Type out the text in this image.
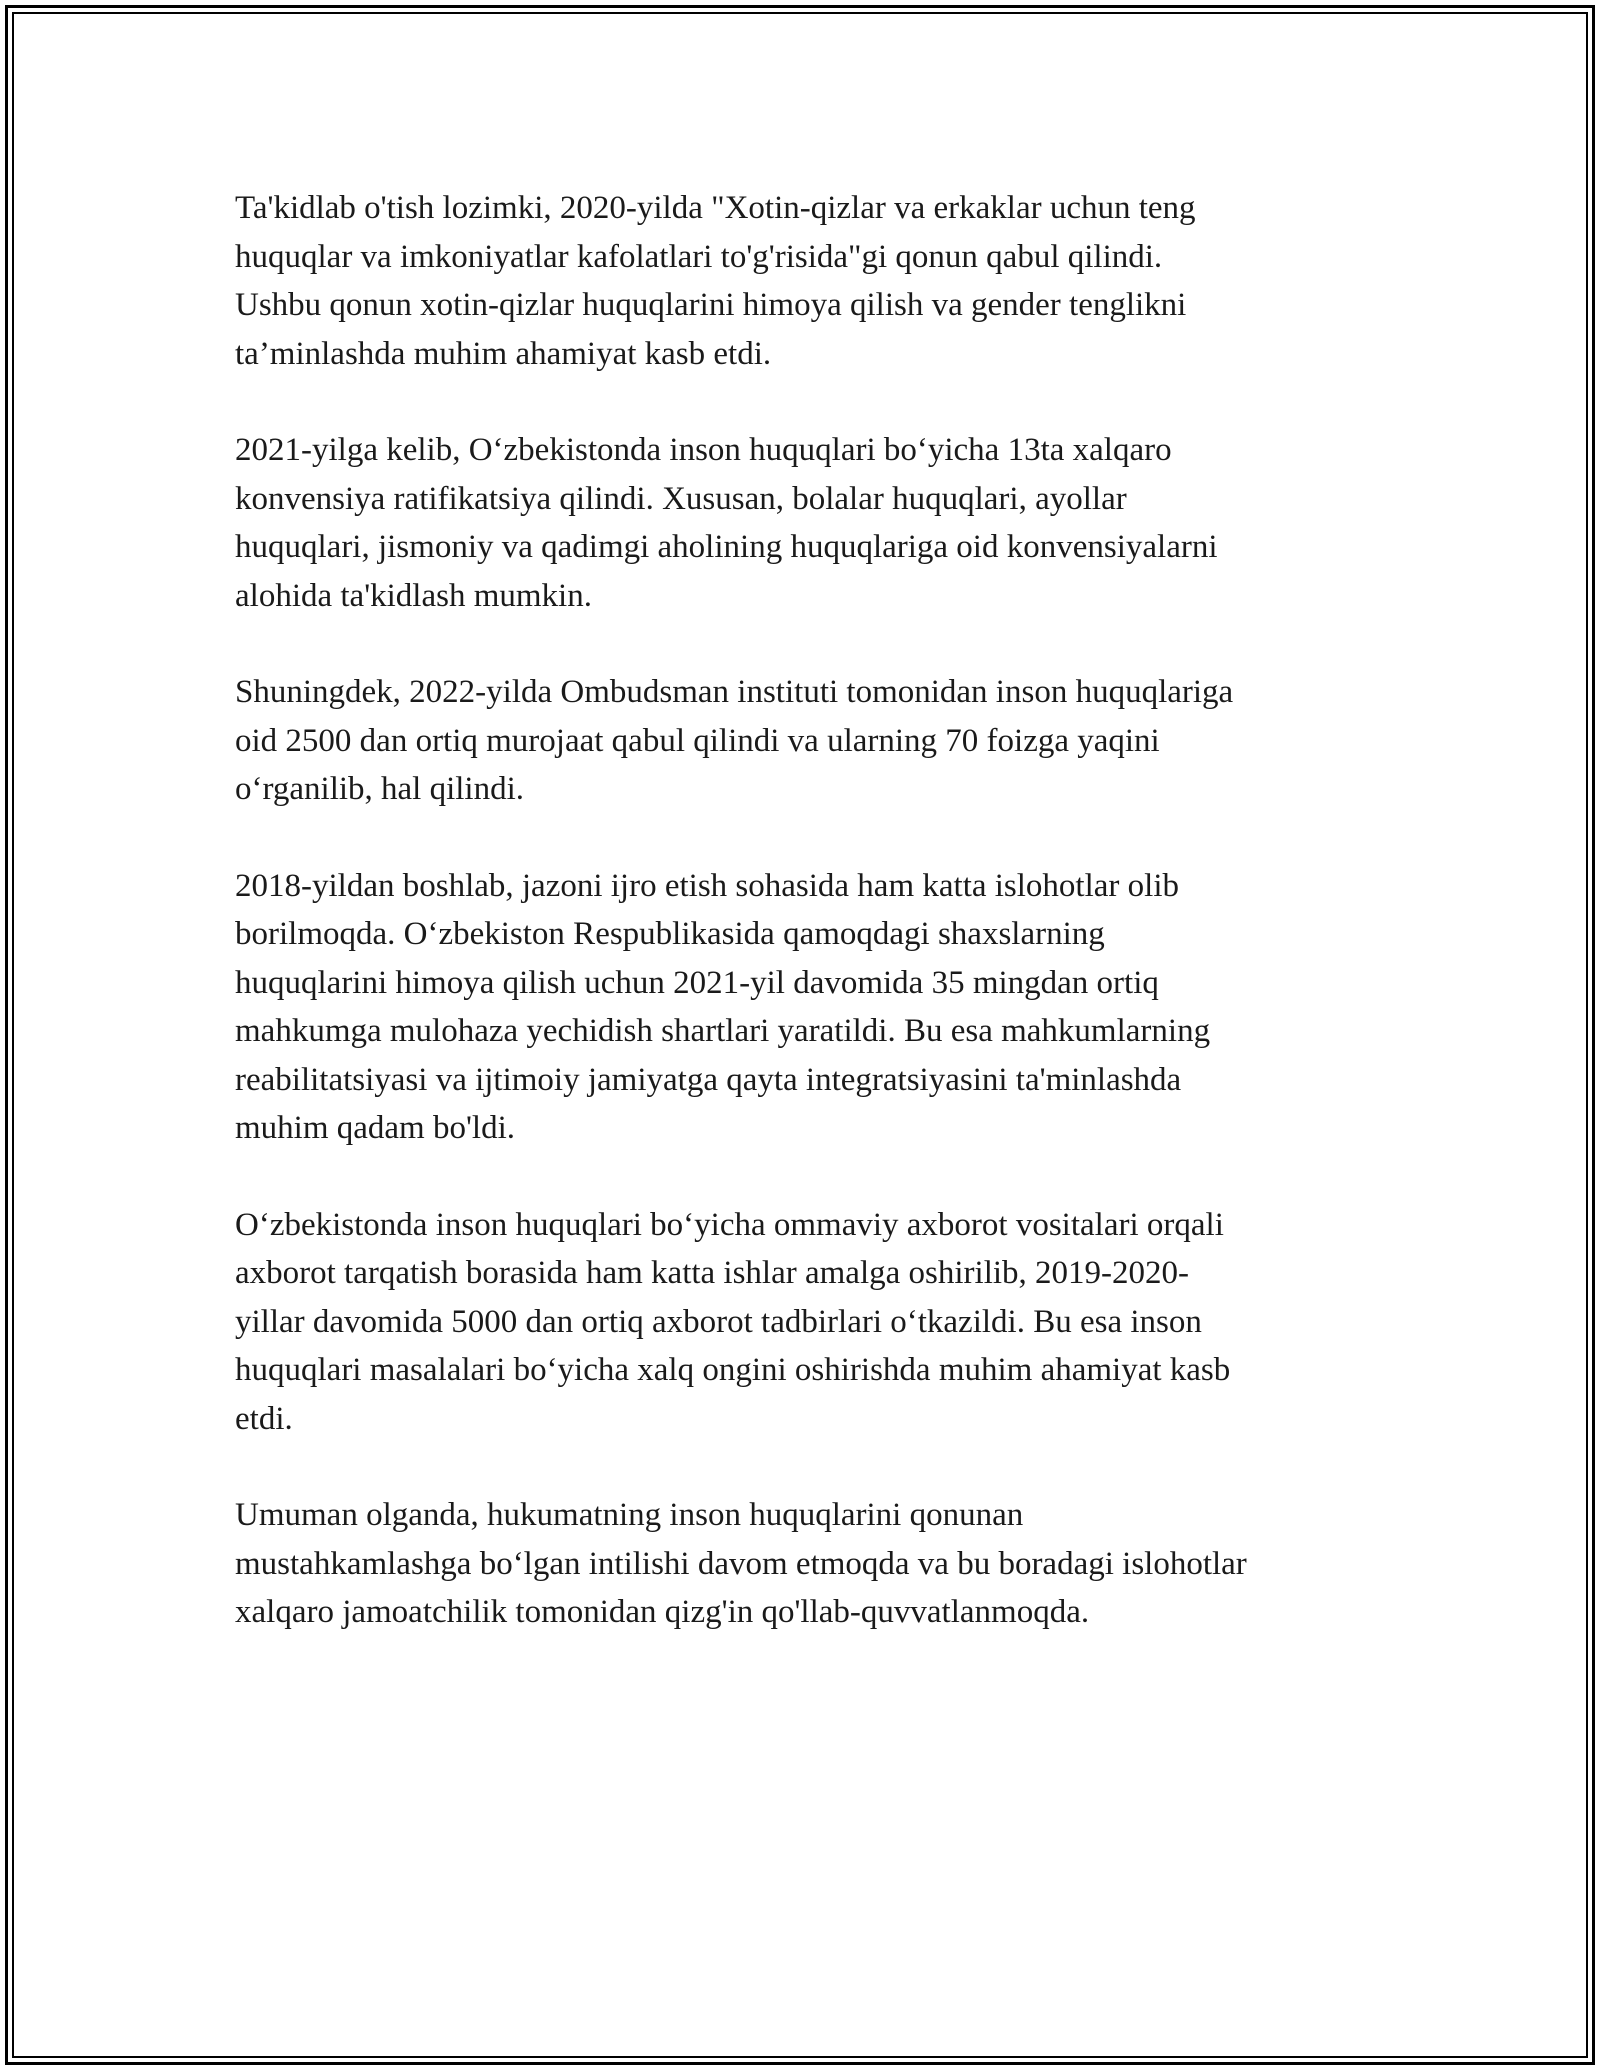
Ta'kidlab o'tish lozimki, 2020-yilda "Xotin-qizlar va erkaklar uchun teng
huquqlar va imkoniyatlar kafolatlari to'g'risida"gi qonun qabul qilindi.
Ushbu qonun xotin-qizlar huquqlarini himoya qilish va gender tenglikni
ta’minlashda muhim ahamiyat kasb etdi.

2021-yilga kelib, O‘zbekistonda inson huquqlari bo‘yicha 13ta xalqaro
konvensiya ratifikatsiya qilindi. Xususan, bolalar huquqlari, ayollar
huquqlari, jismoniy va qadimgi aholining huquqlariga oid konvensiyalarni
alohida ta'kidlash mumkin.

Shuningdek, 2022-yilda Ombudsman instituti tomonidan inson huquqlariga
oid 2500 dan ortiq murojaat qabul qilindi va ularning 70 foizga yaqini
o‘rganilib, hal qilindi.

2018-yildan boshlab, jazoni ijro etish sohasida ham katta islohotlar olib
borilmoqda. O‘zbekiston Respublikasida qamoqdagi shaxslarning
huquqlarini himoya qilish uchun 2021-yil davomida 35 mingdan ortiq
mahkumga mulohaza yechidish shartlari yaratildi. Bu esa mahkumlarning
reabilitatsiyasi va ijtimoiy jamiyatga qayta integratsiyasini ta'minlashda
muhim qadam bo'ldi.

O‘zbekistonda inson huquqlari bo‘yicha ommaviy axborot vositalari orqali
axborot tarqatish borasida ham katta ishlar amalga oshirilib, 2019-2020-
yillar davomida 5000 dan ortiq axborot tadbirlari o‘tkazildi. Bu esa inson
huquqlari masalalari bo‘yicha xalq ongini oshirishda muhim ahamiyat kasb
etdi.

Umuman olganda, hukumatning inson huquqlarini qonunan
mustahkamlashga bo‘lgan intilishi davom etmoqda va bu boradagi islohotlar
xalqaro jamoatchilik tomonidan qizg'in qo'llab-quvvatlanmoqda.
